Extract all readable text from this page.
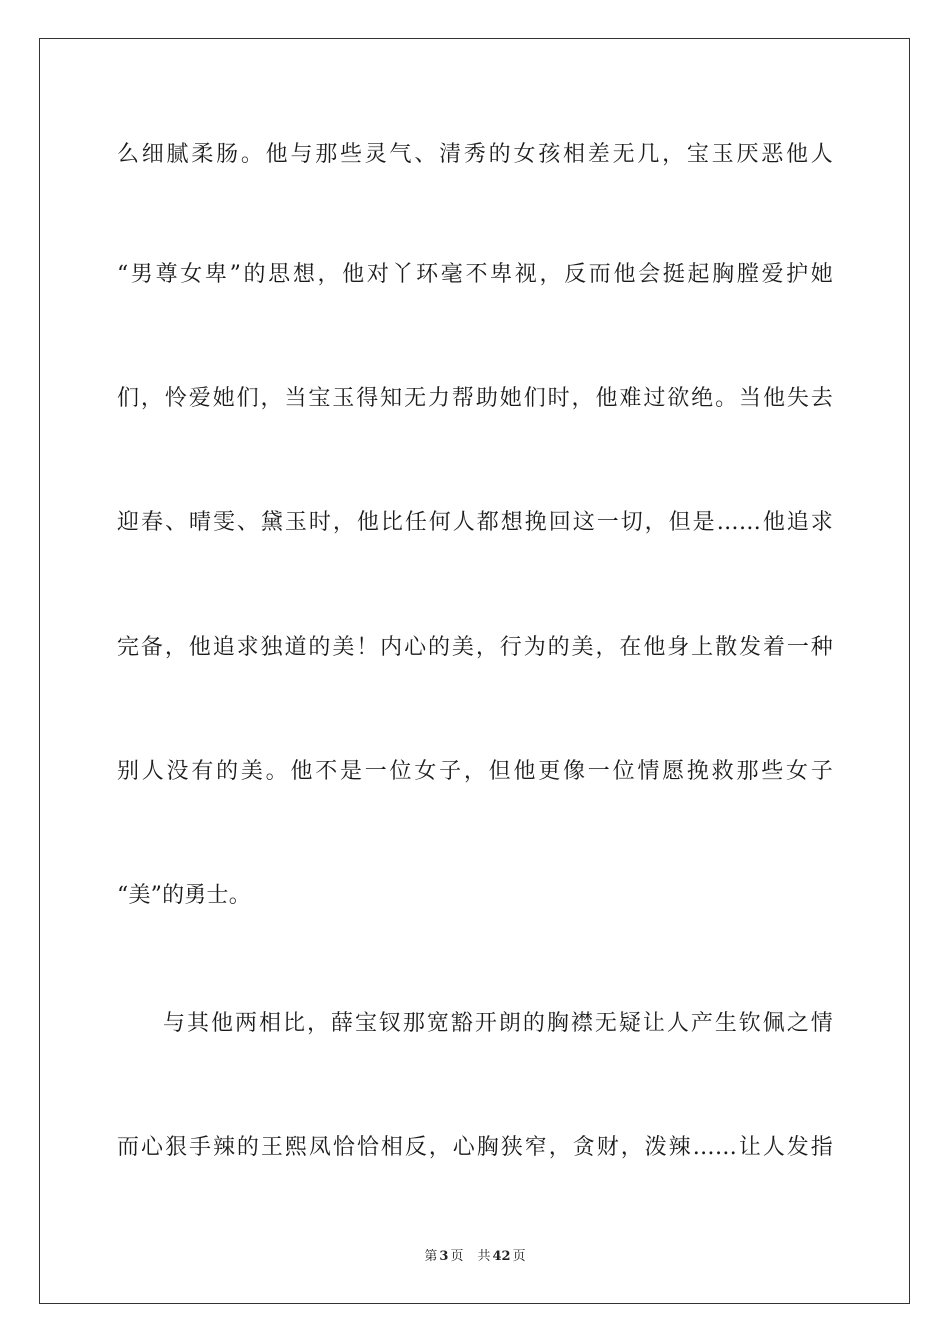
么细腻柔肠。他与那些灵气、清秀的女孩相差无几，宝玉厌恶他人
“男尊女卑”的思想，他对丫环毫不卑视，反而他会挺起胸膛爱护她
们，怜爱她们，当宝玉得知无力帮助她们时，他难过欲绝。当他失去
迎春、晴雯、黛玉时，他比任何人都想挽回这一切，但是……他追求
完备，他追求独道的美！内心的美，行为的美，在他身上散发着一种
别人没有的美。他不是一位女子，但他更像一位情愿挽救那些女子
“美”的勇士。
与其他两相比，薛宝钗那宽豁开朗的胸襟无疑让人产生钦佩之情
而心狠手辣的王熙凤恰恰相反，心胸狭窄，贪财，泼辣……让人发指
第 3 页 共 42 页
